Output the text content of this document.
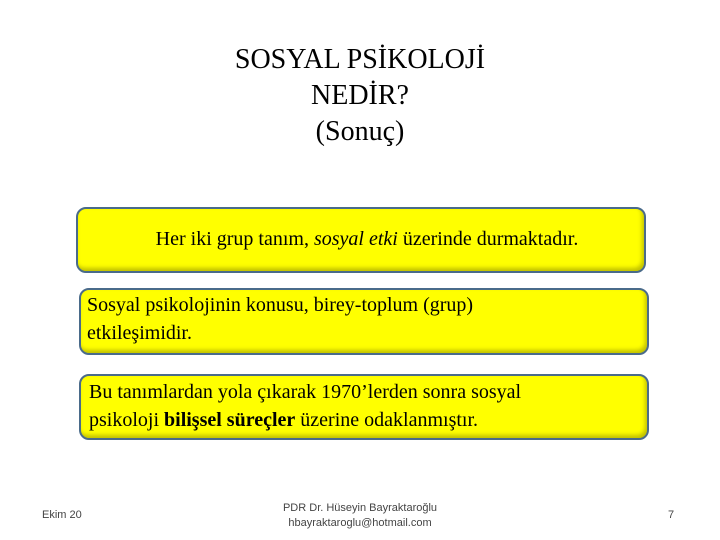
SOSYAL PSİKOLOJİ
NEDİR?
(Sonuç)
Her iki grup tanım, sosyal etki üzerinde durmaktadır.
Sosyal psikolojinin konusu, birey-toplum (grup)
etkileşimidir.
Bu tanımlardan yola çıkarak 1970’lerden sonra sosyal
psikoloji bilişsel süreçler üzerine odaklanmıştır.
Ekim 20
PDR Dr. Hüseyin Bayraktaroğlu
hbayraktaroglu@hotmail.com
7
